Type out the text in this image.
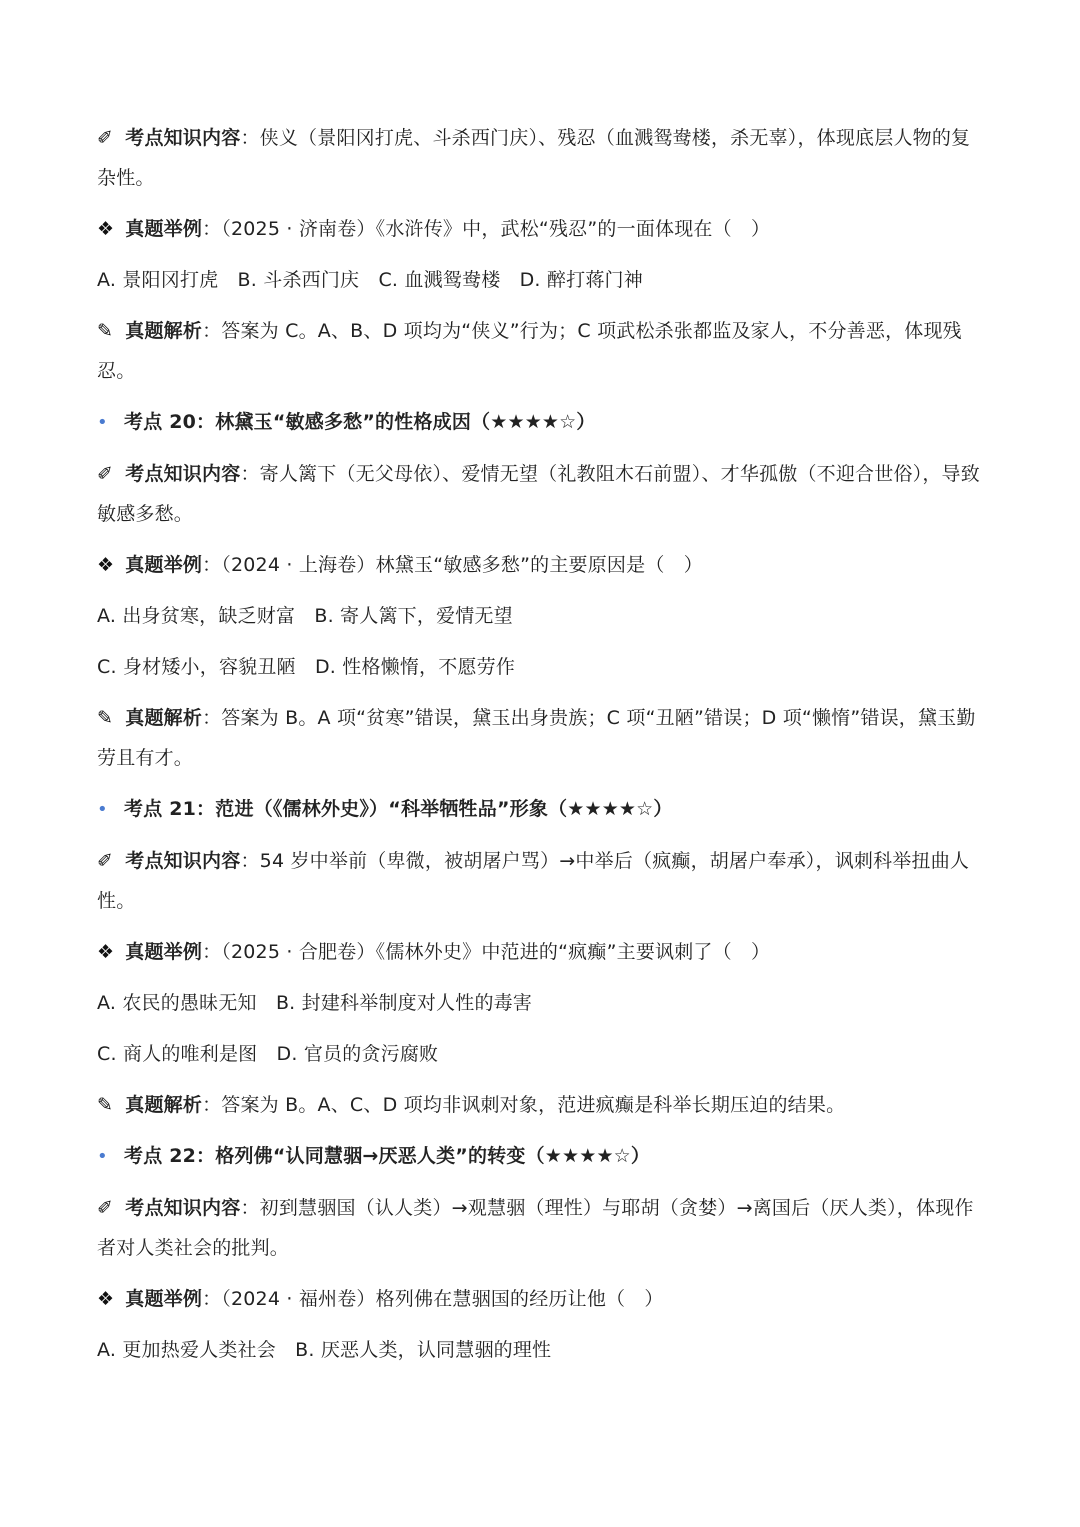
✐ 考点知识内容：侠义（景阳冈打虎、斗杀西门庆）、残忍（血溅鸳鸯楼，杀无辜），体现底层人物的复杂性。

❖ 真题举例：（2025 · 济南卷）《水浒传》中，武松“残忍”的一面体现在（　）

A. 景阳冈打虎　B. 斗杀西门庆　C. 血溅鸳鸯楼　D. 醉打蒋门神

✎ 真题解析：答案为 C。A、B、D 项均为“侠义”行为；C 项武松杀张都监及家人，不分善恶，体现残忍。

• 考点 20：林黛玉“敏感多愁”的性格成因（★★★★☆）

✐ 考点知识内容：寄人篱下（无父母依）、爱情无望（礼教阻木石前盟）、才华孤傲（不迎合世俗），导致敏感多愁。

❖ 真题举例：（2024 · 上海卷）林黛玉“敏感多愁”的主要原因是（　）

A. 出身贫寒，缺乏财富　B. 寄人篱下，爱情无望

C. 身材矮小，容貌丑陋　D. 性格懒惰，不愿劳作

✎ 真题解析：答案为 B。A 项“贫寒”错误，黛玉出身贵族；C 项“丑陋”错误；D 项“懒惰”错误，黛玉勤劳且有才。

• 考点 21：范进（《儒林外史》）“科举牺牲品”形象（★★★★☆）

✐ 考点知识内容：54 岁中举前（卑微，被胡屠户骂）→中举后（疯癫，胡屠户奉承），讽刺科举扭曲人性。

❖ 真题举例：（2025 · 合肥卷）《儒林外史》中范进的“疯癫”主要讽刺了（　）

A. 农民的愚昧无知　B. 封建科举制度对人性的毒害

C. 商人的唯利是图　D. 官员的贪污腐败

✎ 真题解析：答案为 B。A、C、D 项均非讽刺对象，范进疯癫是科举长期压迫的结果。

• 考点 22：格列佛“认同慧骃→厌恶人类”的转变（★★★★☆）

✐ 考点知识内容：初到慧骃国（认人类）→观慧骃（理性）与耶胡（贪婪）→离国后（厌人类），体现作者对人类社会的批判。

❖ 真题举例：（2024 · 福州卷）格列佛在慧骃国的经历让他（　）

A. 更加热爱人类社会　B. 厌恶人类，认同慧骃的理性
